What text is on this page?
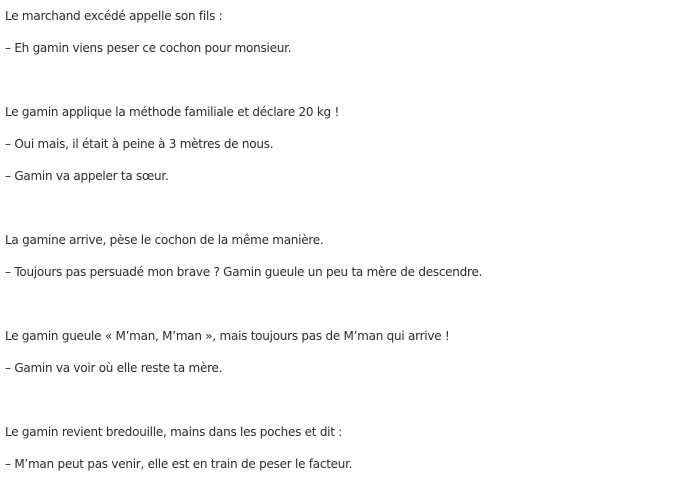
Le marchand excédé appelle son fils :
– Eh gamin viens peser ce cochon pour monsieur.
Le gamin applique la méthode familiale et déclare 20 kg !
– Oui mais, il était à peine à 3 mètres de nous.
– Gamin va appeler ta sœur.
La gamine arrive, pèse le cochon de la même manière.
– Toujours pas persuadé mon brave ? Gamin gueule un peu ta mère de descendre.
Le gamin gueule « M’man, M’man », mais toujours pas de M’man qui arrive !
– Gamin va voir où elle reste ta mère.
Le gamin revient bredouille, mains dans les poches et dit :
– M’man peut pas venir, elle est en train de peser le facteur.
